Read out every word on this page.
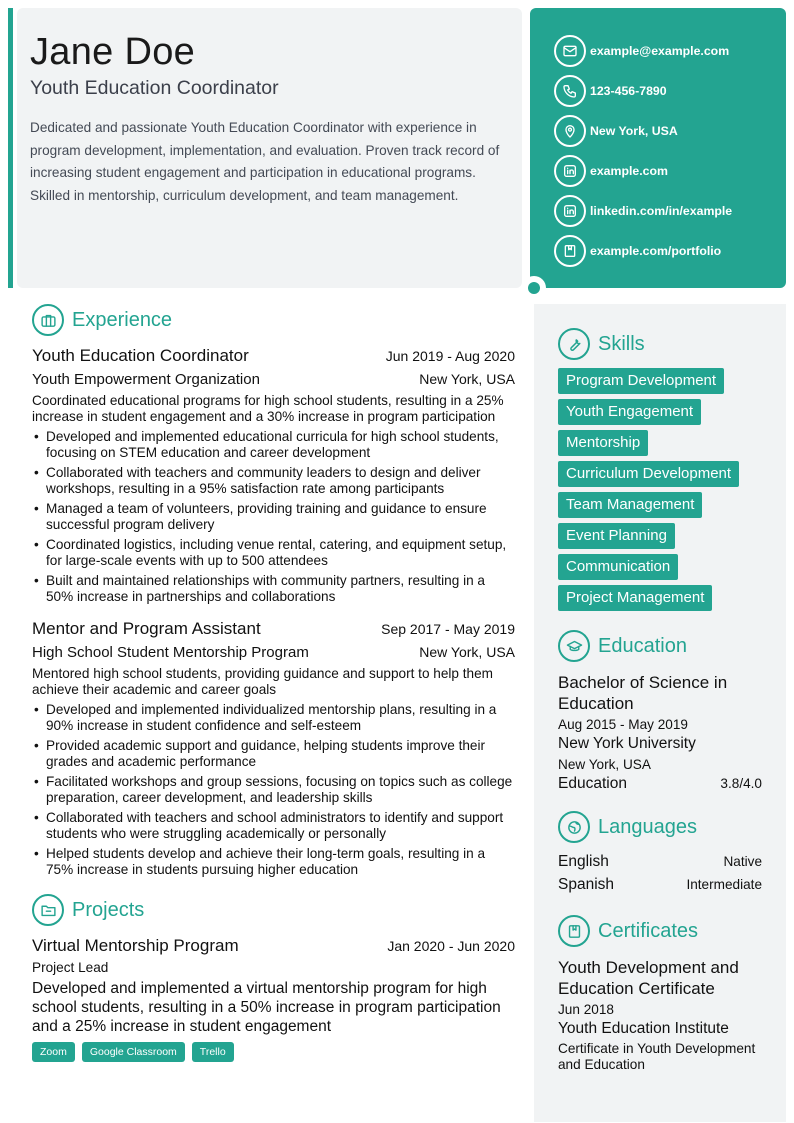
Jane Doe
Youth Education Coordinator
Dedicated and passionate Youth Education Coordinator with experience in program development, implementation, and evaluation. Proven track record of increasing student engagement and participation in educational programs. Skilled in mentorship, curriculum development, and team management.
example@example.com
123-456-7890
New York, USA
example.com
linkedin.com/in/example
example.com/portfolio
Experience
Youth Education Coordinator	Jun 2019 - Aug 2020
Youth Empowerment Organization	New York, USA
Coordinated educational programs for high school students, resulting in a 25% increase in student engagement and a 30% increase in program participation
• Developed and implemented educational curricula for high school students, focusing on STEM education and career development
• Collaborated with teachers and community leaders to design and deliver workshops, resulting in a 95% satisfaction rate among participants
• Managed a team of volunteers, providing training and guidance to ensure successful program delivery
• Coordinated logistics, including venue rental, catering, and equipment setup, for large-scale events with up to 500 attendees
• Built and maintained relationships with community partners, resulting in a 50% increase in partnerships and collaborations
Mentor and Program Assistant	Sep 2017 - May 2019
High School Student Mentorship Program	New York, USA
Mentored high school students, providing guidance and support to help them achieve their academic and career goals
• Developed and implemented individualized mentorship plans, resulting in a 90% increase in student confidence and self-esteem
• Provided academic support and guidance, helping students improve their grades and academic performance
• Facilitated workshops and group sessions, focusing on topics such as college preparation, career development, and leadership skills
• Collaborated with teachers and school administrators to identify and support students who were struggling academically or personally
• Helped students develop and achieve their long-term goals, resulting in a 75% increase in students pursuing higher education
Projects
Virtual Mentorship Program	Jan 2020 - Jun 2020
Project Lead
Developed and implemented a virtual mentorship program for high school students, resulting in a 50% increase in program participation and a 25% increase in student engagement
Zoom	Google Classroom	Trello
Skills
Program Development
Youth Engagement
Mentorship
Curriculum Development
Team Management
Event Planning
Communication
Project Management
Education
Bachelor of Science in Education
Aug 2015 - May 2019
New York University
New York, USA
Education	3.8/4.0
Languages
English	Native
Spanish	Intermediate
Certificates
Youth Development and Education Certificate
Jun 2018
Youth Education Institute
Certificate in Youth Development and Education
